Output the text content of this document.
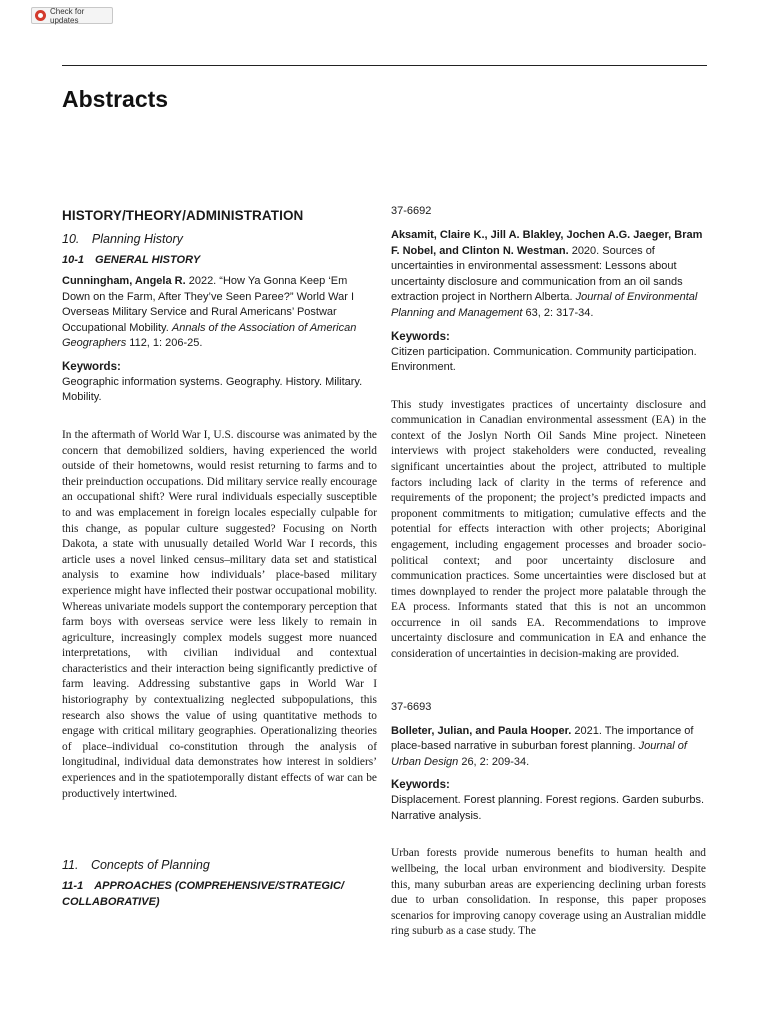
Check for updates
Abstracts
HISTORY/THEORY/ADMINISTRATION
10. Planning History
10-1 GENERAL HISTORY
Cunningham, Angela R. 2022. “How Ya Gonna Keep ‘Em Down on the Farm, After They’ve Seen Paree?” World War I Overseas Military Service and Rural Americans’ Postwar Occupational Mobility. Annals of the Association of American Geographers 112, 1: 206-25.
Keywords:
Geographic information systems. Geography. History. Military. Mobility.

In the aftermath of World War I, U.S. discourse was animated by the concern that demobilized soldiers, having experienced the world outside of their hometowns, would resist returning to farms and to their preinduction occupations. Did military service really encourage an occupational shift? Were rural individuals especially susceptible to and was emplacement in foreign locales especially culpable for this change, as popular culture suggested? Focusing on North Dakota, a state with unusually detailed World War I records, this article uses a novel linked census–military data set and statistical analysis to examine how individuals’ place-based military experience might have inflected their postwar occupational mobility. Whereas univariate models support the contemporary perception that farm boys with overseas service were less likely to remain in agriculture, increasingly complex models suggest more nuanced interpretations, with civilian individual and contextual characteristics and their interaction being significantly predictive of farm leaving. Addressing substantive gaps in World War I historiography by contextualizing neglected subpopulations, this research also shows the value of using quantitative methods to engage with critical military geographies. Operationalizing theories of place–individual co-constitution through the analysis of longitudinal, individual data demonstrates how interest in soldiers’ experiences and in the spatiotemporally distant effects of war can be productively intertwined.

11. Concepts of Planning
11-1 APPROACHES (COMPREHENSIVE/STRATEGIC/ COLLABORATIVE)
37-6692
Aksamit, Claire K., Jill A. Blakley, Jochen A.G. Jaeger, Bram F. Nobel, and Clinton N. Westman. 2020. Sources of uncertainties in environmental assessment: Lessons about uncertainty disclosure and communication from an oil sands extraction project in Northern Alberta. Journal of Environmental Planning and Management 63, 2: 317-34.
Keywords:
Citizen participation. Communication. Community participation. Environment.

This study investigates practices of uncertainty disclosure and communication in Canadian environmental assessment (EA) in the context of the Joslyn North Oil Sands Mine project. Nineteen interviews with project stakeholders were conducted, revealing significant uncertainties about the project, attributed to multiple factors including lack of clarity in the terms of reference and requirements of the proponent; the project’s predicted impacts and proponent commitments to mitigation; cumulative effects and the potential for effects interaction with other projects; Aboriginal engagement, including engagement processes and broader socio-political context; and poor uncertainty disclosure and communication practices. Some uncertainties were disclosed but at times downplayed to render the project more palatable through the EA process. Informants stated that this is not an uncommon occurrence in oil sands EA. Recommendations to improve uncertainty disclosure and communication in EA and enhance the consideration of uncertainties in decision-making are provided.

37-6693
Bolleter, Julian, and Paula Hooper. 2021. The importance of place-based narrative in suburban forest planning. Journal of Urban Design 26, 2: 209-34.
Keywords:
Displacement. Forest planning. Forest regions. Garden suburbs. Narrative analysis.

Urban forests provide numerous benefits to human health and wellbeing, the local urban environment and biodiversity. Despite this, many suburban areas are experiencing declining urban forests due to urban consolidation. In response, this paper proposes scenarios for improving canopy coverage using an Australian middle ring suburb as a case study. The
